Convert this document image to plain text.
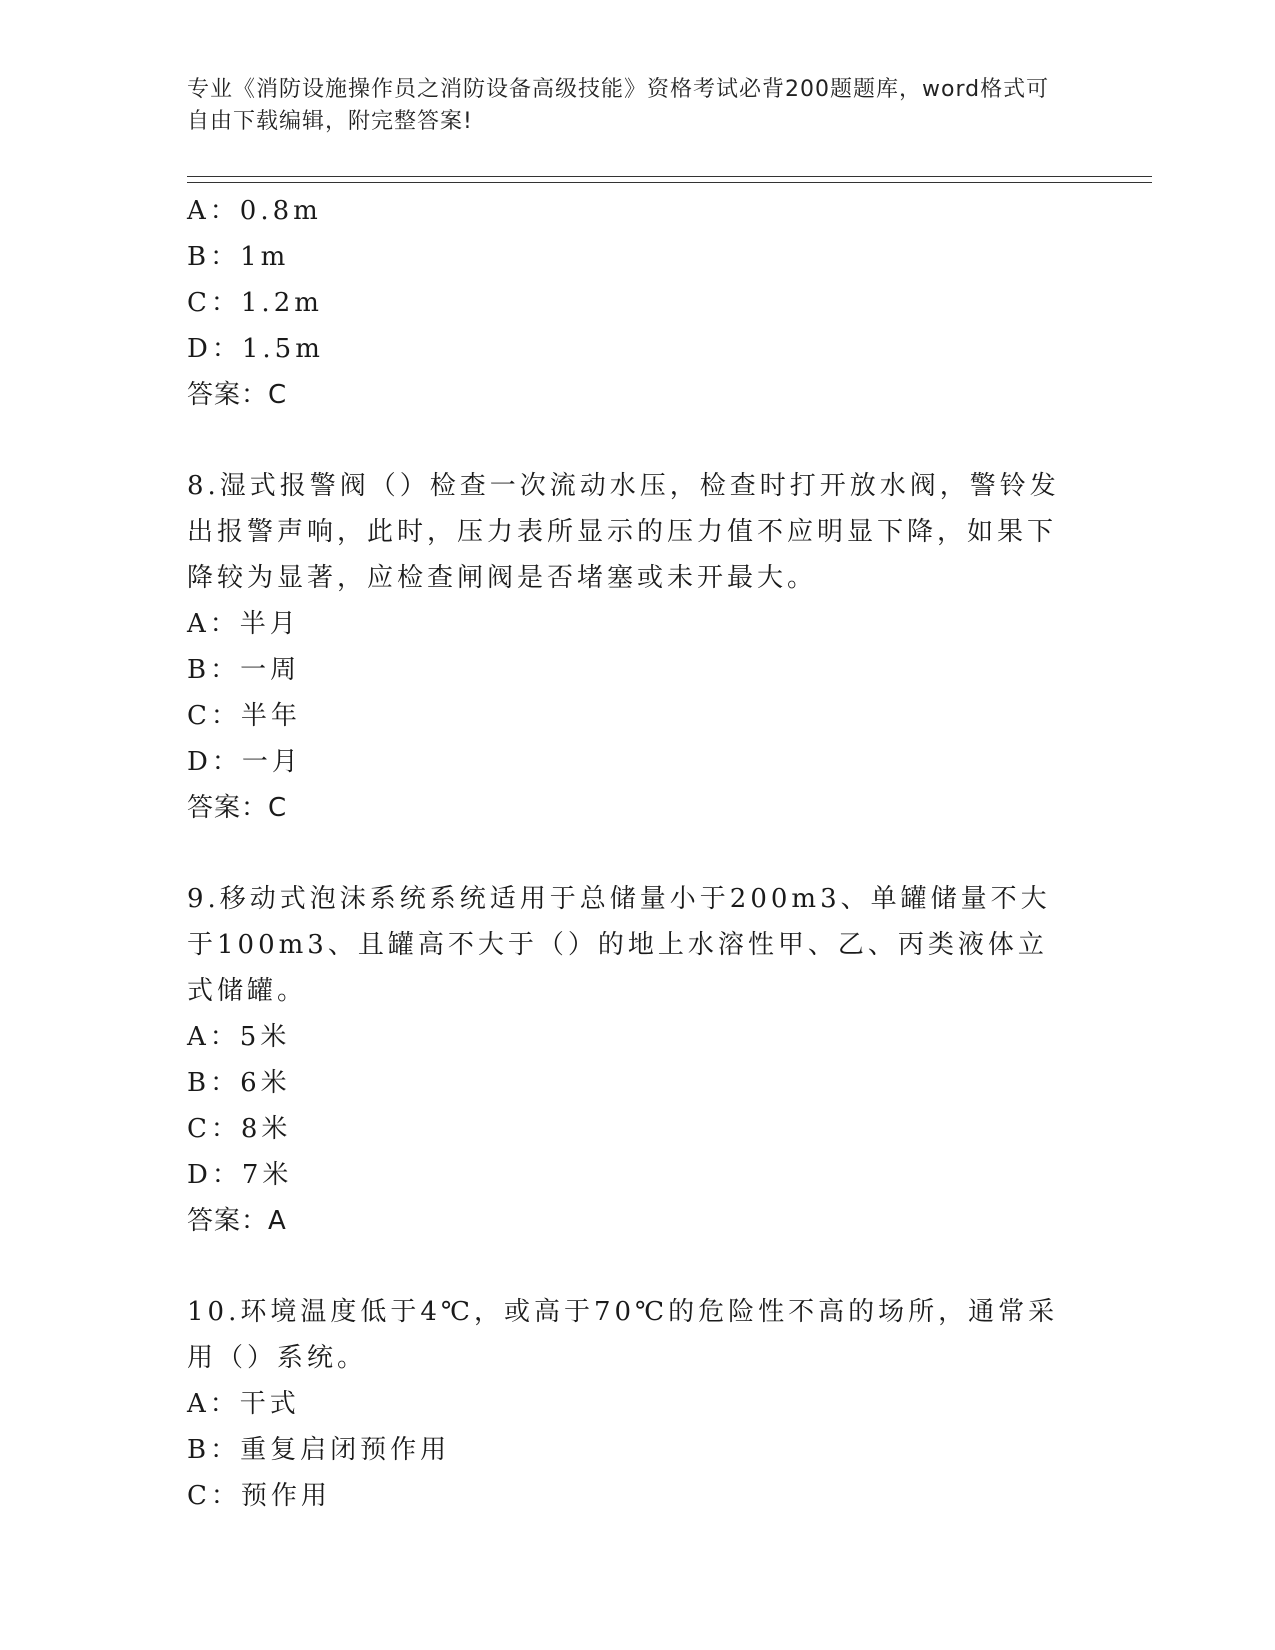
专业《消防设施操作员之消防设备高级技能》资格考试必背200题题库，word格式可自由下载编辑，附完整答案!
A：0.8m
B：1m
C：1.2m
D：1.5m
答案：C
8.湿式报警阀（）检查一次流动水压，检查时打开放水阀，警铃发出报警声响，此时，压力表所显示的压力值不应明显下降，如果下降较为显著，应检查闸阀是否堵塞或未开最大。
A：半月
B：一周
C：半年
D：一月
答案：C
9.移动式泡沫系统系统适用于总储量小于200m3、单罐储量不大于100m3、且罐高不大于（）的地上水溶性甲、乙、丙类液体立式储罐。
A：5米
B：6米
C：8米
D：7米
答案：A
10.环境温度低于4℃，或高于70℃的危险性不高的场所，通常采用（）系统。
A：干式
B：重复启闭预作用
C：预作用
